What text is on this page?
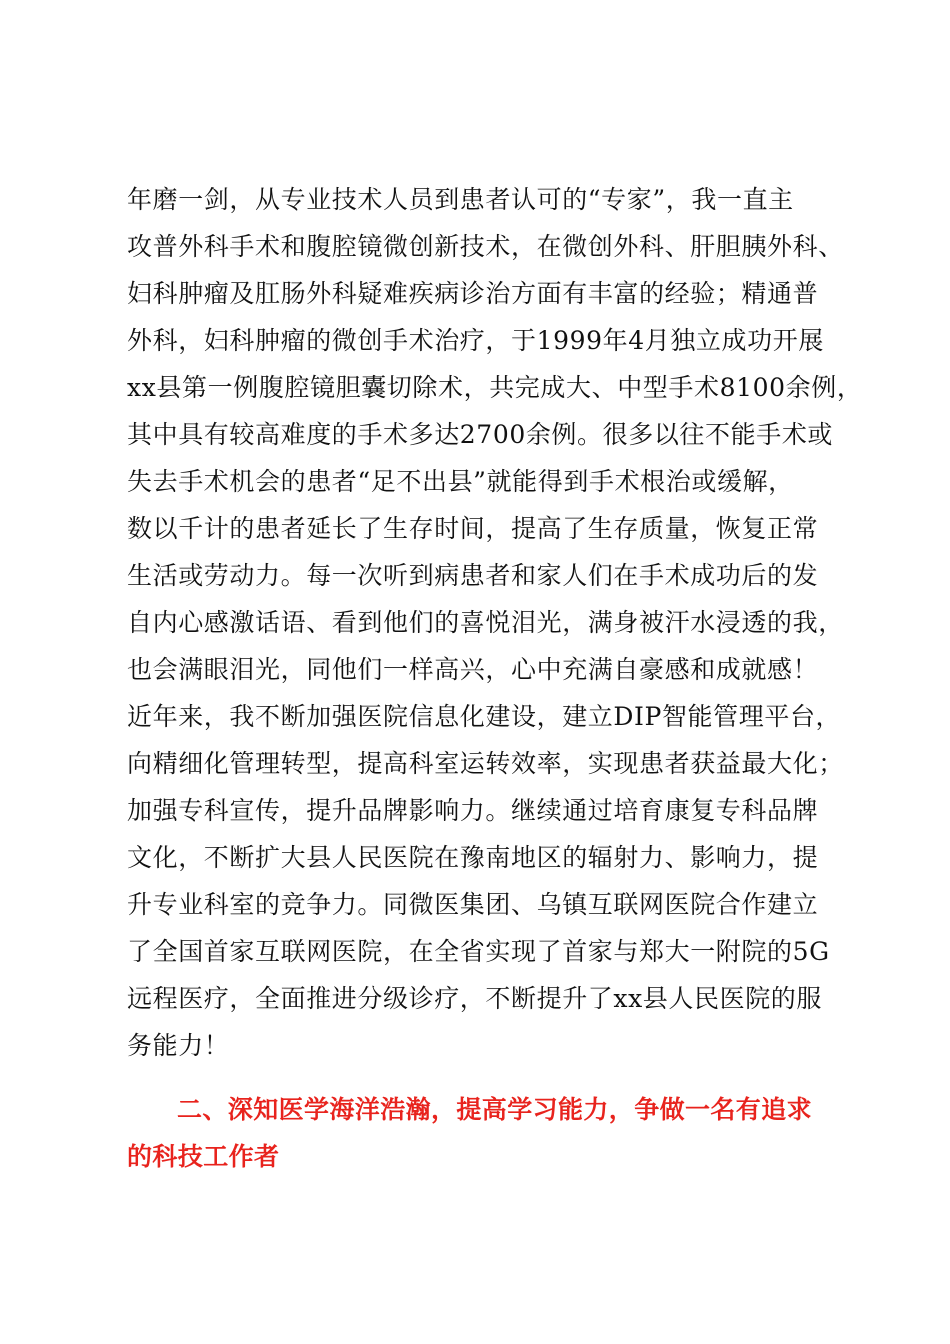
年磨一剑，从专业技术人员到患者认可的“专家”，我一直主
攻普外科手术和腹腔镜微创新技术，在微创外科、肝胆胰外科、
妇科肿瘤及肛肠外科疑难疾病诊治方面有丰富的经验；精通普
外科，妇科肿瘤的微创手术治疗，于1999年4月独立成功开展
xx县第一例腹腔镜胆囊切除术，共完成大、中型手术8100余例，
其中具有较高难度的手术多达2700余例。很多以往不能手术或
失去手术机会的患者“足不出县”就能得到手术根治或缓解，
数以千计的患者延长了生存时间，提高了生存质量，恢复正常
生活或劳动力。每一次听到病患者和家人们在手术成功后的发
自内心感激话语、看到他们的喜悦泪光，满身被汗水浸透的我，
也会满眼泪光，同他们一样高兴，心中充满自豪感和成就感！
近年来，我不断加强医院信息化建设，建立DIP智能管理平台，
向精细化管理转型，提高科室运转效率，实现患者获益最大化；
加强专科宣传，提升品牌影响力。继续通过培育康复专科品牌
文化，不断扩大县人民医院在豫南地区的辐射力、影响力，提
升专业科室的竞争力。同微医集团、乌镇互联网医院合作建立
了全国首家互联网医院，在全省实现了首家与郑大一附院的5G
远程医疗，全面推进分级诊疗，不断提升了xx县人民医院的服
务能力！
二、深知医学海洋浩瀚，提高学习能力，争做一名有追求
的科技工作者
